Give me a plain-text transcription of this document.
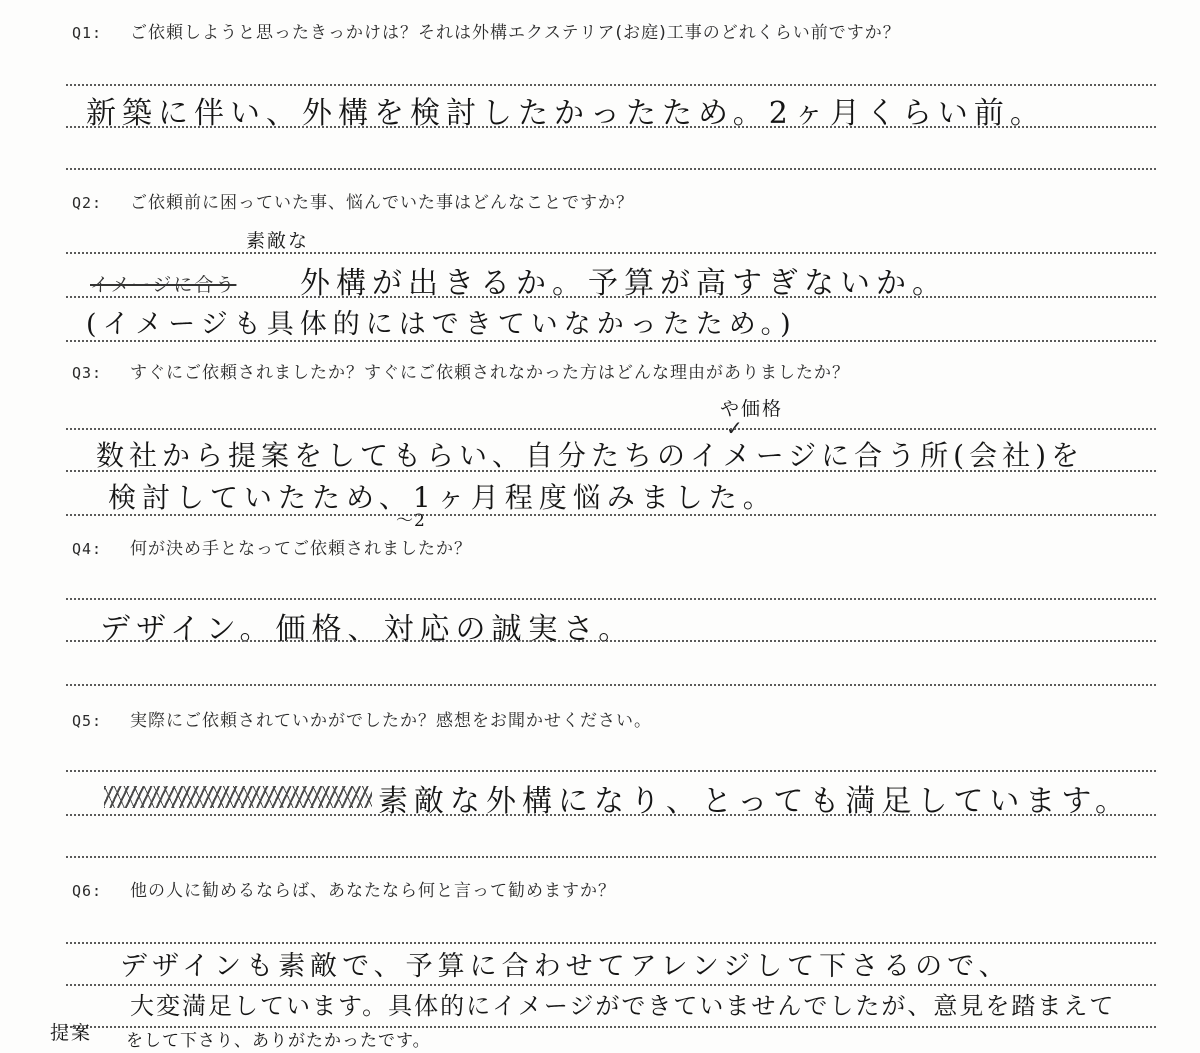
Q1: ご依頼しようと思ったきっかけは？それは外構エクステリア(お庭)工事のどれくらい前ですか？
新築に伴い、外構を検討したかったため。2ヶ月くらい前。
Q2: ご依頼前に困っていた事、悩んでいた事はどんなことですか？
素敵な
イメージに合う 外構が出きるか。予算が高すぎないか。
(イメージも具体的にはできていなかったため。)
Q3: すぐにご依頼されましたか？すぐにご依頼されなかった方はどんな理由がありましたか？
や価格
✓
数社から提案をしてもらい、自分たちのイメージに合う所(会社)を
検討していたため、1ヶ月程度悩みました。
〜2
Q4: 何が決め手となってご依頼されましたか？
デザイン。価格、対応の誠実さ。
Q5: 実際にご依頼されていかがでしたか？感想をお聞かせください。
素敵な外構になり、とっても満足しています。
Q6: 他の人に勧めるならば、あなたなら何と言って勧めますか？
デザインも素敵で、予算に合わせてアレンジして下さるので、
大変満足しています。具体的にイメージができていませんでしたが、意見を踏まえて
提案 をして下さり、ありがたかったです。
